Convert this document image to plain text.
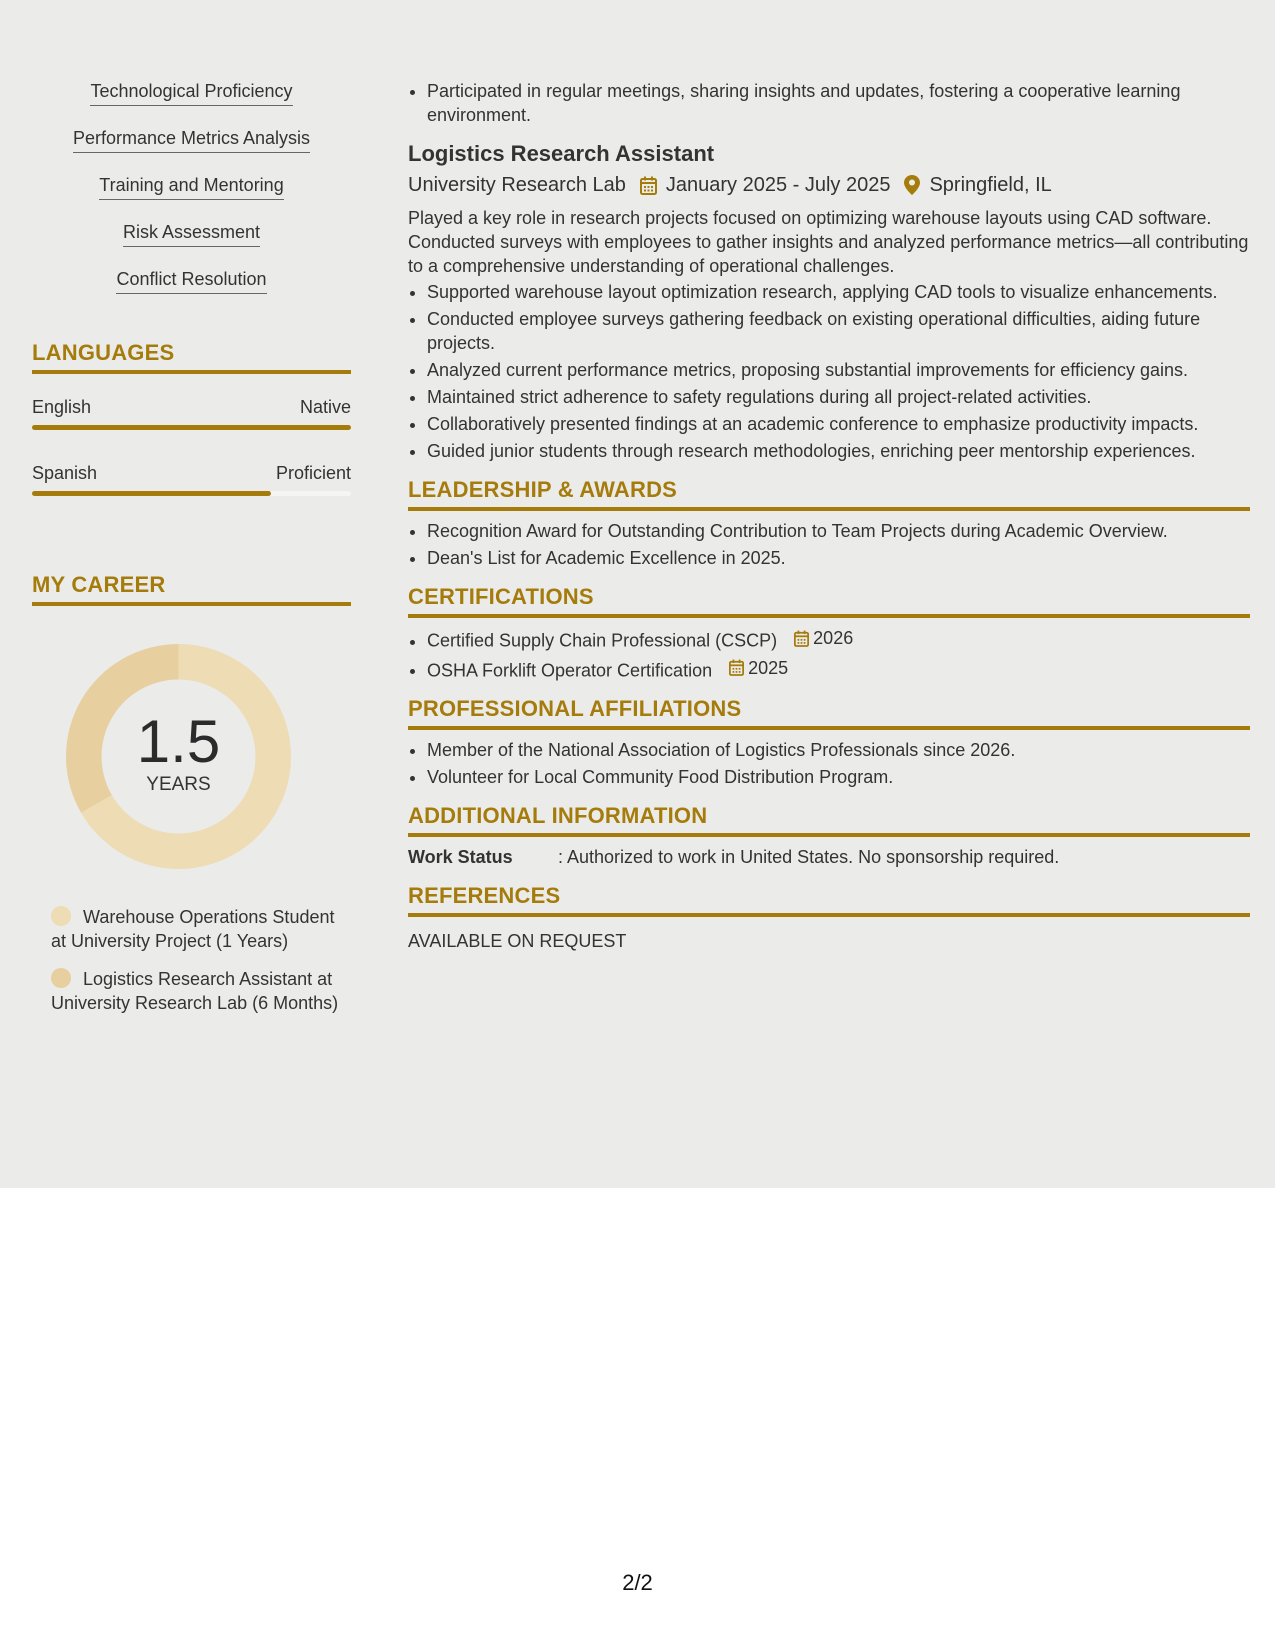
Technological Proficiency
Performance Metrics Analysis
Training and Mentoring
Risk Assessment
Conflict Resolution
LANGUAGES
English	Native
Spanish	Proficient
MY CAREER
1.5
YEARS
Warehouse Operations Student at University Project (1 Years)
Logistics Research Assistant at University Research Lab (6 Months)
• Participated in regular meetings, sharing insights and updates, fostering a cooperative learning environment.
Logistics Research Assistant
University Research Lab January 2025 - July 2025 Springfield, IL
Played a key role in research projects focused on optimizing warehouse layouts using CAD software. Conducted surveys with employees to gather insights and analyzed performance metrics—all contributing to a comprehensive understanding of operational challenges.
• Supported warehouse layout optimization research, applying CAD tools to visualize enhancements.
• Conducted employee surveys gathering feedback on existing operational difficulties, aiding future projects.
• Analyzed current performance metrics, proposing substantial improvements for efficiency gains.
• Maintained strict adherence to safety regulations during all project-related activities.
• Collaboratively presented findings at an academic conference to emphasize productivity impacts.
• Guided junior students through research methodologies, enriching peer mentorship experiences.
LEADERSHIP & AWARDS
• Recognition Award for Outstanding Contribution to Team Projects during Academic Overview.
• Dean's List for Academic Excellence in 2025.
CERTIFICATIONS
• Certified Supply Chain Professional (CSCP) 2026
• OSHA Forklift Operator Certification 2025
PROFESSIONAL AFFILIATIONS
• Member of the National Association of Logistics Professionals since 2026.
• Volunteer for Local Community Food Distribution Program.
ADDITIONAL INFORMATION
Work Status	: Authorized to work in United States. No sponsorship required.
REFERENCES
AVAILABLE ON REQUEST
2/2
